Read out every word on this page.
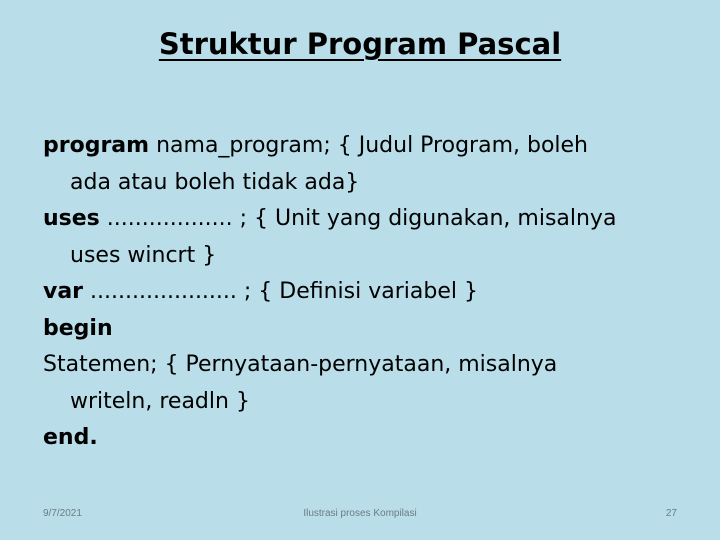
Struktur Program Pascal
program nama_program; { Judul Program, boleh
ada atau boleh tidak ada}
uses .................. ; { Unit yang digunakan, misalnya
uses wincrt }
var ..................... ; { Definisi variabel }
begin
Statemen; { Pernyataan-pernyataan, misalnya
writeln, readln }
end.
9/7/2021	Ilustrasi proses Kompilasi	27
